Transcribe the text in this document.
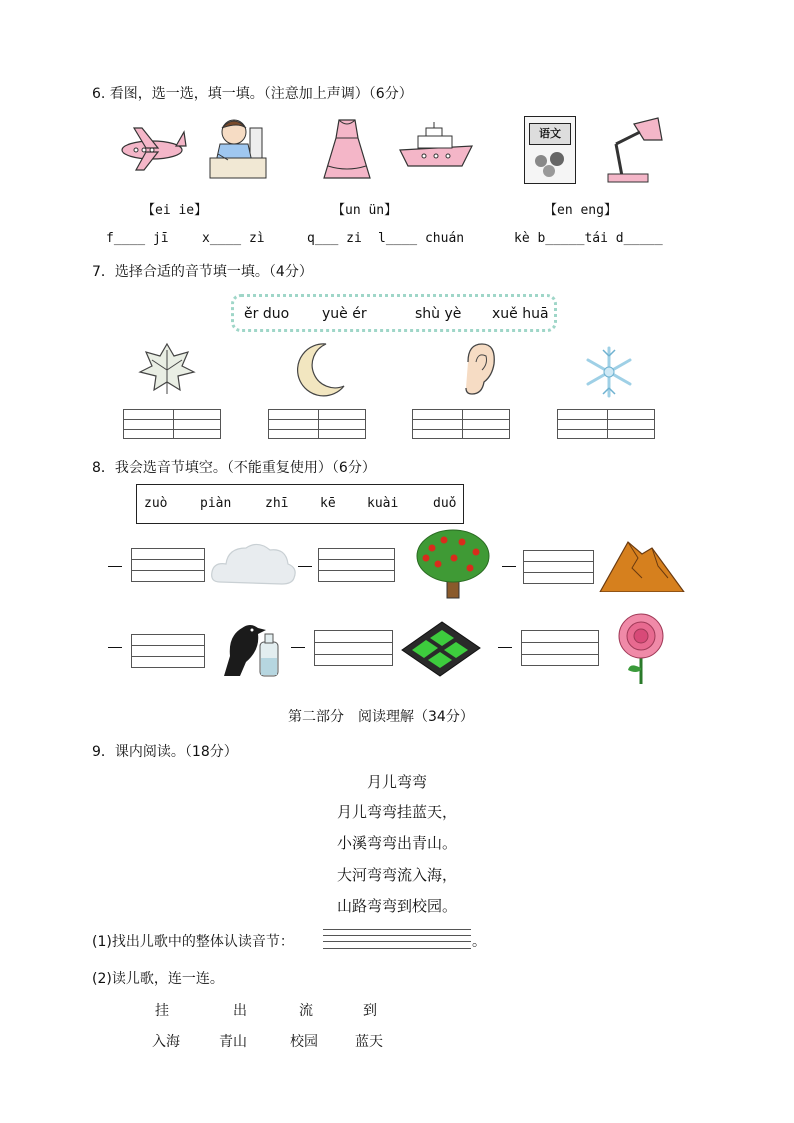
6. 看图，选一选，填一填。（注意加上声调）（6分）
语文
【ei ie】	【un ün】	【en eng】
f____ jī	x____ zì	q___ zi l____ chuán	kè b_____tái d_____
7．选择合适的音节填一填。（4分）
ěr duo yuè ér	shù yè xuě huā
8．我会选音节填空。（不能重复使用）（6分）
zuò	piàn	zhī kē kuài	duǒ
第二部分　阅读理解（34分）
9．课内阅读。（18分）
月儿弯弯
月儿弯弯挂蓝天，
小溪弯弯出青山。
大河弯弯流入海，
山路弯弯到校园。
(1)找出儿歌中的整体认读音节：	。
(2)读儿歌，连一连。
挂	出	流	到
入海	青山	校园	蓝天
